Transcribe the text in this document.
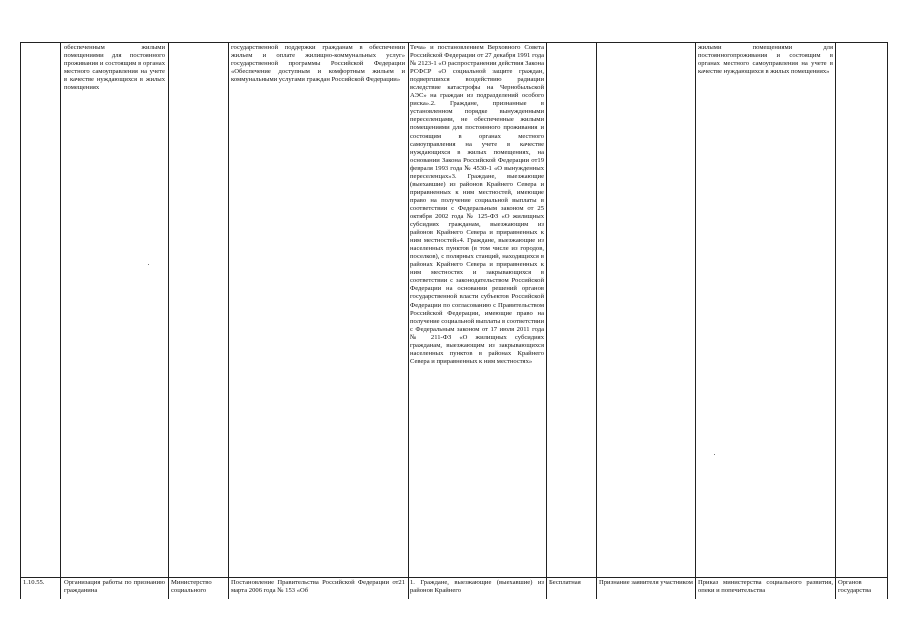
обеспеченным жилыми помещениями для постоянного проживания и состоящим в органах местного самоуправления на учете в качестве нуждающихся в жилых помещениях
государственной поддержки гражданам в обеспечении жильем и оплате жилищно-коммунальных услуг» государственной программы Российской Федерации «Обеспечение доступным и комфортным жильем и коммунальными услугами граждан Российской Федерации»
Теча» и постановлением Верховного Совета Российской Федерации от 27 декабря 1991 года № 2123-1 «О распространении действия Закона РСФСР «О социальной защите граждан, подвергшихся воздействию радиации вследствие катастрофы на Чернобыльской АЭС» на граждан из подразделений особого риска».2. Граждане, признанные в установленном порядке вынужденными переселенцами, не обеспеченные жилыми помещениями для постоянного проживания и состоящим в органах местного самоуправления на учете в качестве нуждающихся в жилых помещениях, на основании Закона Российской Федерации от19 февраля 1993 года № 4530-1 «О вынужденных переселенцах»3. Граждане, выезжающие (выехавшие) из районов Крайнего Севера и приравненных к ним местностей, имеющие право на получение социальной выплаты в соответствии с Федеральным законом от 25 октября 2002 года № 125-ФЗ «О жилищных субсидиях гражданам, выезжающим из районов Крайнего Севера и приравненных к ним местностей»4. Граждане, выезжающие из населенных пунктов (в том числе из городов, поселков), с полярных станций, находящихся в районах Крайнего Севера и приравненных к ним местностях и закрывающихся в соответствии с законодательством Российской Федерации на основании решений органов государственной власти субъектов Российской Федерации по согласованию с Правительством Российской Федерации, имеющие право на получение социальной выплаты в соответствии с Федеральным законом от 17 июля 2011 года № 211-ФЗ «О жилищных субсидиях гражданам, выезжающим из закрывающихся населенных пунктов в районах Крайнего Севера и приравненных к ним местностях»
жилыми помещениями для постоянногопроживания и состоящим в органах местного самоуправления на учете в качестве нуждающихся в жилых помещениях»
1.10.55.	Организация работы по признанию гражданина
Министерство социального
Постановление Правительства Российской Федерации от21 марта 2006 года № 153 «Об
1. Граждане, выезжающие (выехавшие) из районов Крайнего
Бесплатная	Признание заявителя участником Приказ министерства социального развития, опеки и попечительства
Органов государства
